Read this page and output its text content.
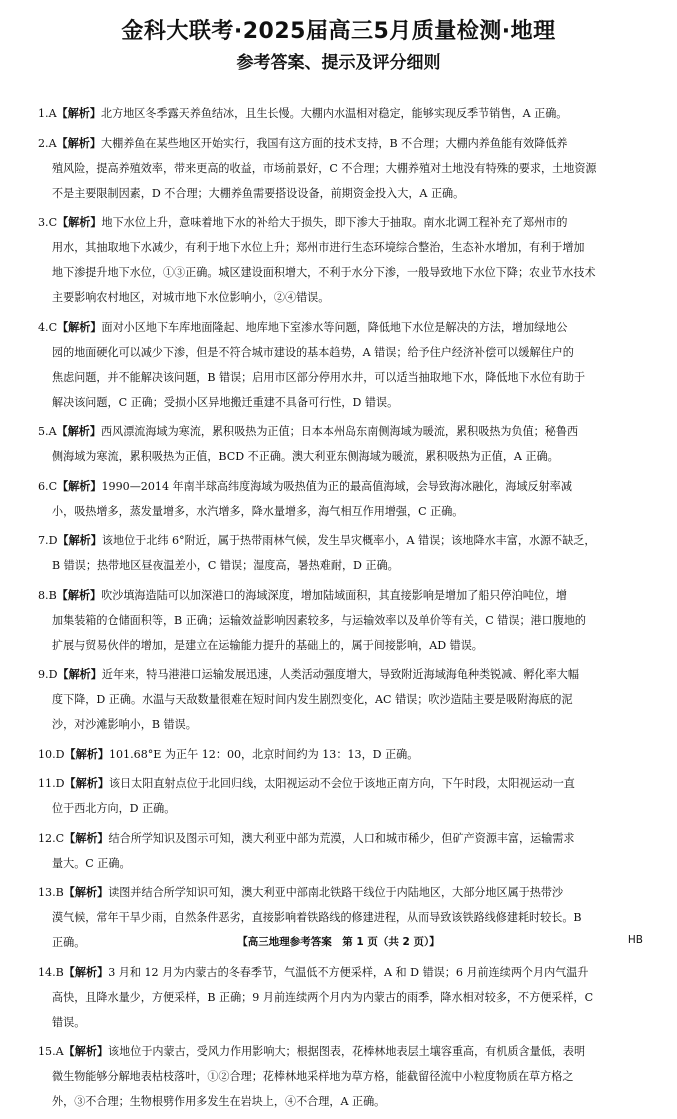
金科大联考·2025届高三5月质量检测·地理
参考答案、提示及评分细则
1.A【解析】北方地区冬季露天养鱼结冰，且生长慢。大棚内水温相对稳定，能够实现反季节销售，A 正确。
2.A【解析】大棚养鱼在某些地区开始实行，我国有这方面的技术支持，B 不合理；大棚内养鱼能有效降低养
殖风险，提高养殖效率，带来更高的收益，市场前景好，C 不合理；大棚养殖对土地没有特殊的要求，土地资源
不是主要限制因素，D 不合理；大棚养鱼需要搭设设备，前期资金投入大，A 正确。
3.C【解析】地下水位上升，意味着地下水的补给大于损失，即下渗大于抽取。南水北调工程补充了郑州市的
用水，其抽取地下水减少，有利于地下水位上升；郑州市进行生态环境综合整治，生态补水增加，有利于增加
地下渗提升地下水位，①③正确。城区建设面积增大，不利于水分下渗，一般导致地下水位下降；农业节水技术
主要影响农村地区，对城市地下水位影响小，②④错误。
4.C【解析】面对小区地下车库地面隆起、地库地下室渗水等问题，降低地下水位是解决的方法，增加绿地公
园的地面硬化可以减少下渗，但是不符合城市建设的基本趋势，A 错误；给予住户经济补偿可以缓解住户的
焦虑问题，并不能解决该问题，B 错误；启用市区部分停用水井，可以适当抽取地下水，降低地下水位有助于
解决该问题，C 正确；受损小区异地搬迁重建不具备可行性，D 错误。
5.A【解析】西风漂流海域为寒流，累积吸热为正值；日本本州岛东南侧海域为暖流，累积吸热为负值；秘鲁西
侧海域为寒流，累积吸热为正值，BCD 不正确。澳大利亚东侧海域为暖流，累积吸热为正值，A 正确。
6.C【解析】1990—2014 年南半球高纬度海域为吸热值为正的最高值海域，会导致海冰融化，海域反射率减
小，吸热增多，蒸发量增多，水汽增多，降水量增多，海气相互作用增强，C 正确。
7.D【解析】该地位于北纬 6°附近，属于热带雨林气候，发生旱灾概率小，A 错误；该地降水丰富，水源不缺乏，
B 错误；热带地区昼夜温差小，C 错误；湿度高，暑热难耐，D 正确。
8.B【解析】吹沙填海造陆可以加深港口的海域深度，增加陆域面积，其直接影响是增加了船只停泊吨位，增
加集装箱的仓储面积等，B 正确；运输效益影响因素较多，与运输效率以及单价等有关，C 错误；港口腹地的
扩展与贸易伙伴的增加，是建立在运输能力提升的基础上的，属于间接影响，AD 错误。
9.D【解析】近年来，特马港港口运输发展迅速，人类活动强度增大，导致附近海域海龟种类锐减、孵化率大幅
度下降，D 正确。水温与天敌数量很难在短时间内发生剧烈变化，AC 错误；吹沙造陆主要是吸附海底的泥
沙，对沙滩影响小，B 错误。
10.D【解析】101.68°E 为正午 12：00，北京时间约为 13：13，D 正确。
11.D【解析】该日太阳直射点位于北回归线，太阳视运动不会位于该地正南方向，下午时段，太阳视运动一直
位于西北方向，D 正确。
12.C【解析】结合所学知识及图示可知，澳大利亚中部为荒漠，人口和城市稀少，但矿产资源丰富，运输需求
量大。C 正确。
13.B【解析】读图并结合所学知识可知，澳大利亚中部南北铁路干线位于内陆地区，大部分地区属于热带沙
漠气候，常年干旱少雨，自然条件恶劣，直接影响着铁路线的修建进程，从而导致该铁路线修建耗时较长。B
正确。
14.B【解析】3 月和 12 月为内蒙古的冬春季节，气温低不方便采样，A 和 D 错误；6 月前连续两个月内气温升
高快，且降水量少，方便采样，B 正确；9 月前连续两个月内为内蒙古的雨季，降水相对较多，不方便采样，C
错误。
15.A【解析】该地位于内蒙古，受风力作用影响大；根据图表，花棒林地表层土壤容重高，有机质含量低，表明
微生物能够分解地表枯枝落叶，①②合理；花棒林地采样地为草方格，能截留径流中小粒度物质在草方格之
外，③不合理；生物根劈作用多发生在岩块上，④不合理，A 正确。
【高三地理参考答案　第 1 页（共 2 页）】	HB
